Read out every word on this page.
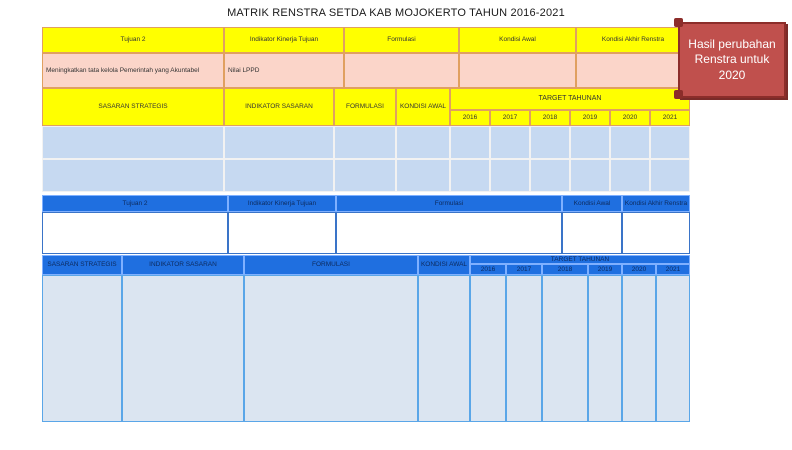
MATRIK RENSTRA SETDA KAB MOJOKERTO TAHUN 2016-2021
Tujuan 2	Indikator Kinerja Tujuan	Formulasi	Kondisi Awal	Kondisi Akhir Renstra
Meningkatkan tata kelola Pemerintah yang Akuntabel	Nilai LPPD
SASARAN STRATEGIS	INDIKATOR SASARAN	FORMULASI	KONDISI AWAL
TARGET TAHUNAN
2016	2017	2018	2019	2020	2021
Tujuan 2	Indikator Kinerja Tujuan	Formulasi	Kondisi Awal	Kondisi Akhir Renstra
SASARAN STRATEGIS	INDIKATOR SASARAN	FORMULASI	KONDISI AWAL
TARGET TAHUNAN
2016	2017	2018	2019	2020	2021
Hasil perubahan Renstra untuk 2020
